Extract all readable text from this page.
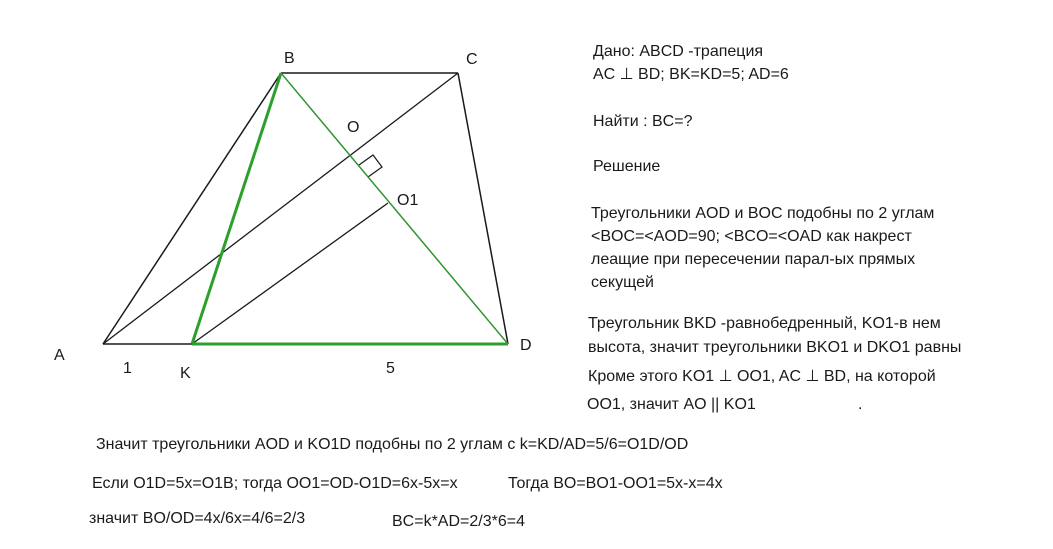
A
B	C
D
K
O
O1
1	5
Дано: ABCD -трапеция
AC ⊥ BD; BK=KD=5; AD=6
Найти : BC=?
Решение
Треугольники AOD и BOC подобны по 2 углам
<BOC=<AOD=90; <BCO=<OAD как накрест
леащие при пересечении парал-ых прямых
секущей
Треугольник BKD -равнобедренный, KO1-в нем
высота, значит треугольники BKO1 и DKO1 равны
Кроме этого KO1 ⊥ OO1, AC ⊥ BD, на которой
OO1, значит AO || KO1	.
Значит треугольники AOD и KO1D подобны по 2 углам с k=KD/AD=5/6=O1D/OD
Если O1D=5x=O1B; тогда OO1=OD-O1D=6x-5x=x	Тогда BO=BO1-OO1=5x-x=4x
значит BO/OD=4x/6x=4/6=2/3	BC=k*AD=2/3*6=4
